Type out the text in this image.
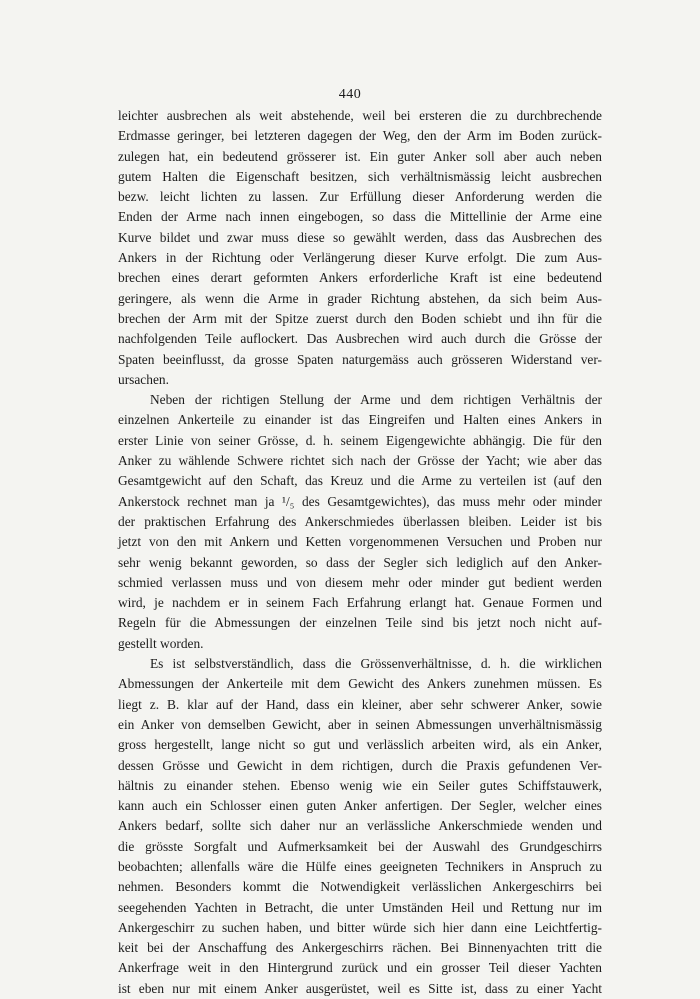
440
leichter ausbrechen als weit abstehende, weil bei ersteren die zu durchbrechende
Erdmasse geringer, bei letzteren dagegen der Weg, den der Arm im Boden zurück-
zulegen hat, ein bedeutend grösserer ist. Ein guter Anker soll aber auch neben
gutem Halten die Eigenschaft besitzen, sich verhältnismässig leicht ausbrechen
bezw. leicht lichten zu lassen. Zur Erfüllung dieser Anforderung werden die
Enden der Arme nach innen eingebogen, so dass die Mittellinie der Arme eine
Kurve bildet und zwar muss diese so gewählt werden, dass das Ausbrechen des
Ankers in der Richtung oder Verlängerung dieser Kurve erfolgt. Die zum Aus-
brechen eines derart geformten Ankers erforderliche Kraft ist eine bedeutend
geringere, als wenn die Arme in grader Richtung abstehen, da sich beim Aus-
brechen der Arm mit der Spitze zuerst durch den Boden schiebt und ihn für die
nachfolgenden Teile auflockert. Das Ausbrechen wird auch durch die Grösse der
Spaten beeinflusst, da grosse Spaten naturgemäss auch grösseren Widerstand ver-
ursachen.
Neben der richtigen Stellung der Arme und dem richtigen Verhältnis der
einzelnen Ankerteile zu einander ist das Eingreifen und Halten eines Ankers in
erster Linie von seiner Grösse, d. h. seinem Eigengewichte abhängig. Die für den
Anker zu wählende Schwere richtet sich nach der Grösse der Yacht; wie aber das
Gesamtgewicht auf den Schaft, das Kreuz und die Arme zu verteilen ist (auf den
Ankerstock rechnet man ja ¹/₅ des Gesamtgewichtes), das muss mehr oder minder
der praktischen Erfahrung des Ankerschmiedes überlassen bleiben. Leider ist bis
jetzt von den mit Ankern und Ketten vorgenommenen Versuchen und Proben nur
sehr wenig bekannt geworden, so dass der Segler sich lediglich auf den Anker-
schmied verlassen muss und von diesem mehr oder minder gut bedient werden
wird, je nachdem er in seinem Fach Erfahrung erlangt hat. Genaue Formen und
Regeln für die Abmessungen der einzelnen Teile sind bis jetzt noch nicht auf-
gestellt worden.
Es ist selbstverständlich, dass die Grössenverhältnisse, d. h. die wirklichen
Abmessungen der Ankerteile mit dem Gewicht des Ankers zunehmen müssen. Es
liegt z. B. klar auf der Hand, dass ein kleiner, aber sehr schwerer Anker, sowie
ein Anker von demselben Gewicht, aber in seinen Abmessungen unverhältnismässig
gross hergestellt, lange nicht so gut und verlässlich arbeiten wird, als ein Anker,
dessen Grösse und Gewicht in dem richtigen, durch die Praxis gefundenen Ver-
hältnis zu einander stehen. Ebenso wenig wie ein Seiler gutes Schiffstauwerk,
kann auch ein Schlosser einen guten Anker anfertigen. Der Segler, welcher eines
Ankers bedarf, sollte sich daher nur an verlässliche Ankerschmiede wenden und
die grösste Sorgfalt und Aufmerksamkeit bei der Auswahl des Grundgeschirrs
beobachten; allenfalls wäre die Hülfe eines geeigneten Technikers in Anspruch zu
nehmen. Besonders kommt die Notwendigkeit verlässlichen Ankergeschirrs bei
seegehenden Yachten in Betracht, die unter Umständen Heil und Rettung nur im
Ankergeschirr zu suchen haben, und bitter würde sich hier dann eine Leichtfertig-
keit bei der Anschaffung des Ankergeschirrs rächen. Bei Binnenyachten tritt die
Ankerfrage weit in den Hintergrund zurück und ein grosser Teil dieser Yachten
ist eben nur mit einem Anker ausgerüstet, weil es Sitte ist, dass zu einer Yacht
